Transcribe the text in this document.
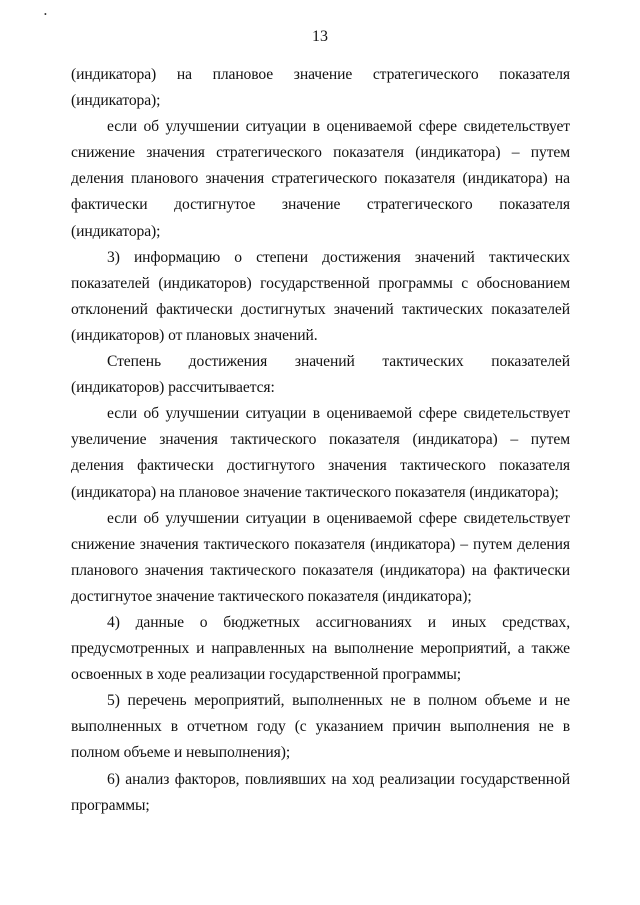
•
13
(индикатора) на плановое значение стратегического показателя
(индикатора);
если об улучшении ситуации в оцениваемой сфере свидетельствует
снижение значения стратегического показателя (индикатора) – путем
деления планового значения стратегического показателя (индикатора) на
фактически достигнутое значение стратегического показателя
(индикатора);
3) информацию о степени достижения значений тактических
показателей (индикаторов) государственной программы с обоснованием
отклонений фактически достигнутых значений тактических показателей
(индикаторов) от плановых значений.
Степень достижения значений тактических показателей
(индикаторов) рассчитывается:
если об улучшении ситуации в оцениваемой сфере свидетельствует
увеличение значения тактического показателя (индикатора) – путем
деления фактически достигнутого значения тактического показателя
(индикатора) на плановое значение тактического показателя (индикатора);
если об улучшении ситуации в оцениваемой сфере свидетельствует
снижение значения тактического показателя (индикатора) – путем деления
планового значения тактического показателя (индикатора) на фактически
достигнутое значение тактического показателя (индикатора);
4) данные о бюджетных ассигнованиях и иных средствах,
предусмотренных и направленных на выполнение мероприятий, а также
освоенных в ходе реализации государственной программы;
5) перечень мероприятий, выполненных не в полном объеме и не
выполненных в отчетном году (с указанием причин выполнения не в
полном объеме и невыполнения);
6) анализ факторов, повлиявших на ход реализации государственной
программы;
